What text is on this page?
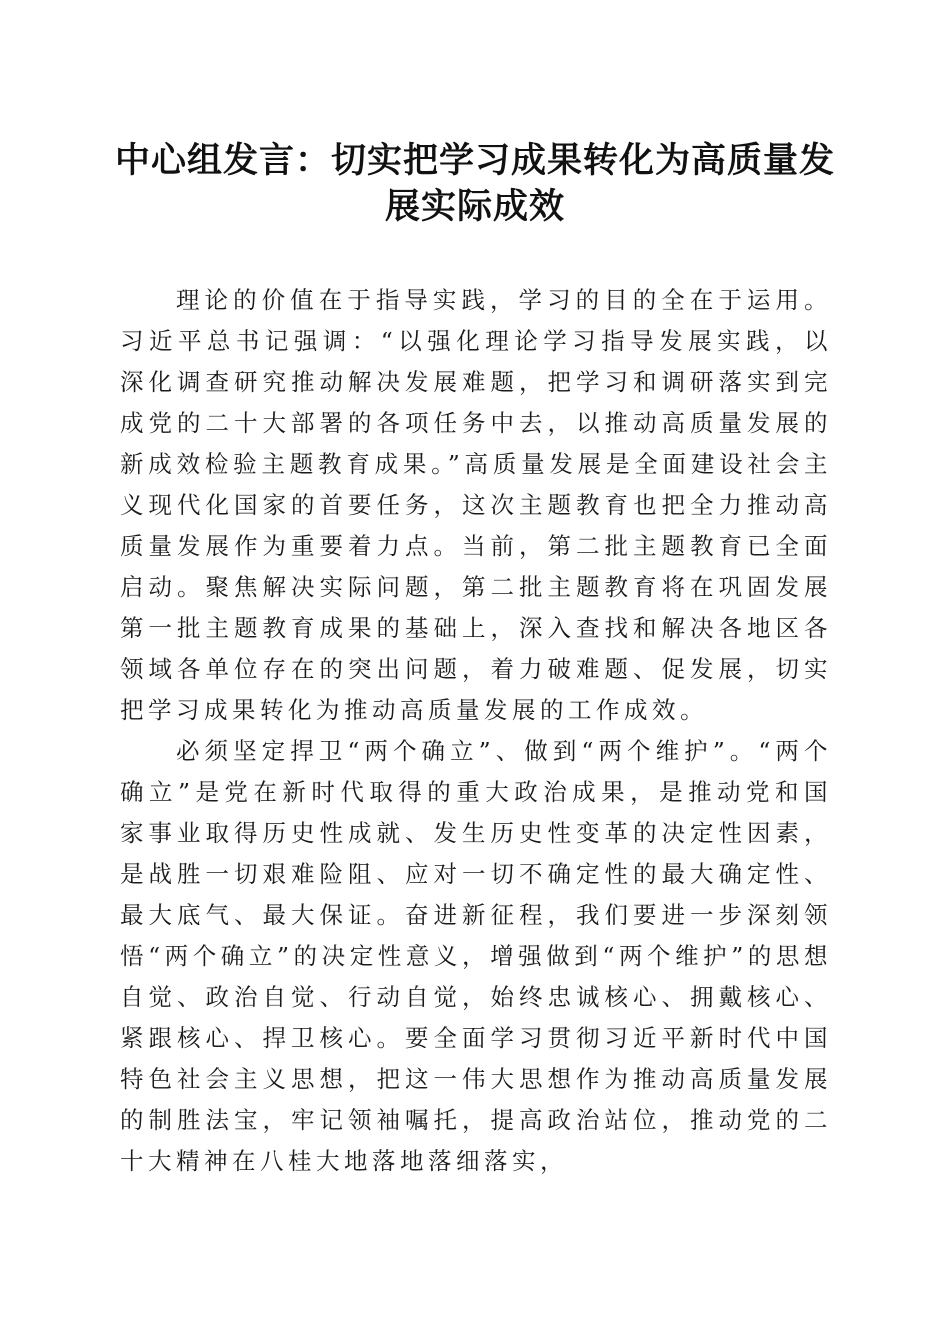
中心组发言：切实把学习成果转化为高质量发展实际成效

理论的价值在于指导实践，学习的目的全在于运用。习近平总书记强调：“以强化理论学习指导发展实践，以深化调查研究推动解决发展难题，把学习和调研落实到完成党的二十大部署的各项任务中去，以推动高质量发展的新成效检验主题教育成果。”高质量发展是全面建设社会主义现代化国家的首要任务，这次主题教育也把全力推动高质量发展作为重要着力点。当前，第二批主题教育已全面启动。聚焦解决实际问题，第二批主题教育将在巩固发展第一批主题教育成果的基础上，深入查找和解决各地区各领域各单位存在的突出问题，着力破难题、促发展，切实把学习成果转化为推动高质量发展的工作成效。

必须坚定捍卫“两个确立”、做到“两个维护”。“两个确立”是党在新时代取得的重大政治成果，是推动党和国家事业取得历史性成就、发生历史性变革的决定性因素，是战胜一切艰难险阻、应对一切不确定性的最大确定性、最大底气、最大保证。奋进新征程，我们要进一步深刻领悟“两个确立”的决定性意义，增强做到“两个维护”的思想自觉、政治自觉、行动自觉，始终忠诚核心、拥戴核心、紧跟核心、捍卫核心。要全面学习贯彻习近平新时代中国特色社会主义思想，把这一伟大思想作为推动高质量发展的制胜法宝，牢记领袖嘱托，提高政治站位，推动党的二十大精神在八桂大地落地落细落实，
